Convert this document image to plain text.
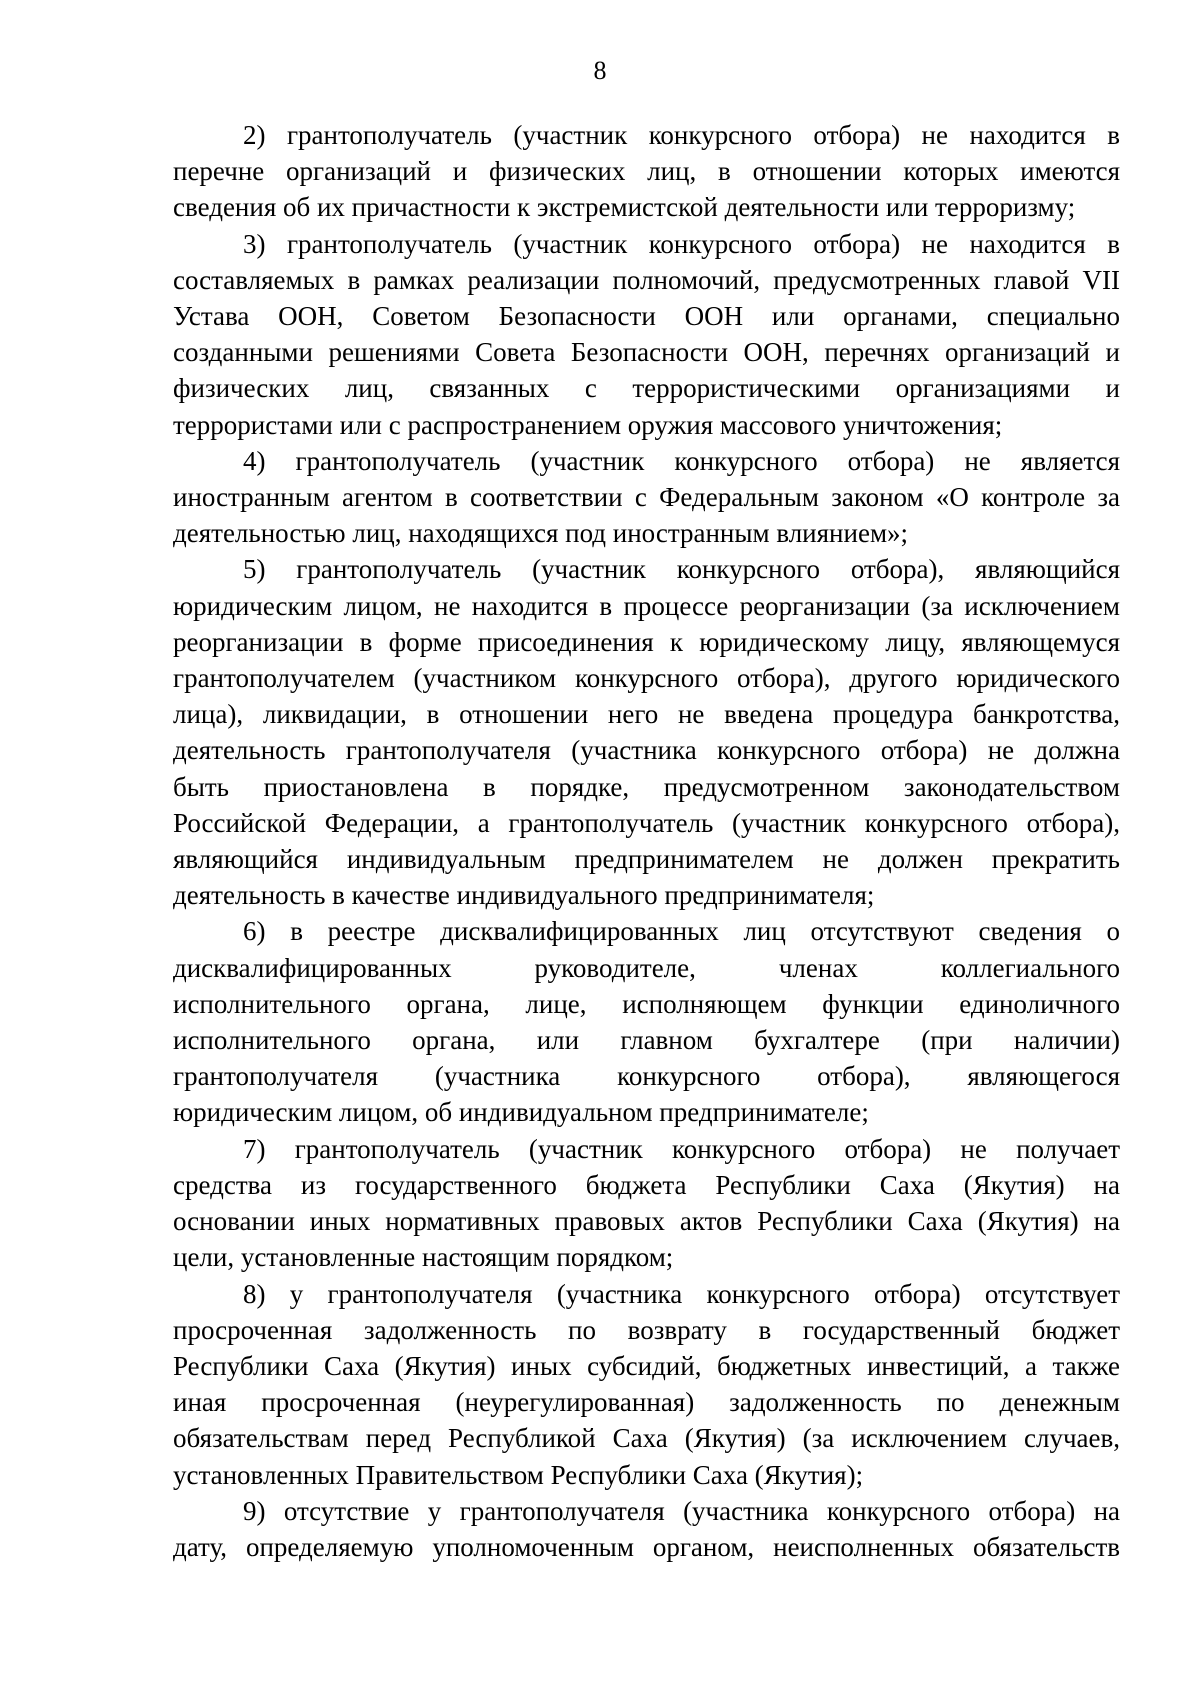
8
2) грантополучатель (участник конкурсного отбора) не находится в
перечне организаций и физических лиц, в отношении которых имеются
сведения об их причастности к экстремистской деятельности или терроризму;
3) грантополучатель (участник конкурсного отбора) не находится в
составляемых в рамках реализации полномочий, предусмотренных главой VII
Устава ООН, Советом Безопасности ООН или органами, специально
созданными решениями Совета Безопасности ООН, перечнях организаций и
физических лиц, связанных с террористическими организациями и
террористами или с распространением оружия массового уничтожения;
4) грантополучатель (участник конкурсного отбора) не является
иностранным агентом в соответствии с Федеральным законом «О контроле за
деятельностью лиц, находящихся под иностранным влиянием»;
5) грантополучатель (участник конкурсного отбора), являющийся
юридическим лицом, не находится в процессе реорганизации (за исключением
реорганизации в форме присоединения к юридическому лицу, являющемуся
грантополучателем (участником конкурсного отбора), другого юридического
лица), ликвидации, в отношении него не введена процедура банкротства,
деятельность грантополучателя (участника конкурсного отбора) не должна
быть приостановлена в порядке, предусмотренном законодательством
Российской Федерации, а грантополучатель (участник конкурсного отбора),
являющийся индивидуальным предпринимателем не должен прекратить
деятельность в качестве индивидуального предпринимателя;
6) в реестре дисквалифицированных лиц отсутствуют сведения о
дисквалифицированных руководителе, членах коллегиального
исполнительного органа, лице, исполняющем функции единоличного
исполнительного органа, или главном бухгалтере (при наличии)
грантополучателя (участника конкурсного отбора), являющегося
юридическим лицом, об индивидуальном предпринимателе;
7) грантополучатель (участник конкурсного отбора) не получает
средства из государственного бюджета Республики Саха (Якутия) на
основании иных нормативных правовых актов Республики Саха (Якутия) на
цели, установленные настоящим порядком;
8) у грантополучателя (участника конкурсного отбора) отсутствует
просроченная задолженность по возврату в государственный бюджет
Республики Саха (Якутия) иных субсидий, бюджетных инвестиций, а также
иная просроченная (неурегулированная) задолженность по денежным
обязательствам перед Республикой Саха (Якутия) (за исключением случаев,
установленных Правительством Республики Саха (Якутия);
9) отсутствие у грантополучателя (участника конкурсного отбора) на
дату, определяемую уполномоченным органом, неисполненных обязательств
